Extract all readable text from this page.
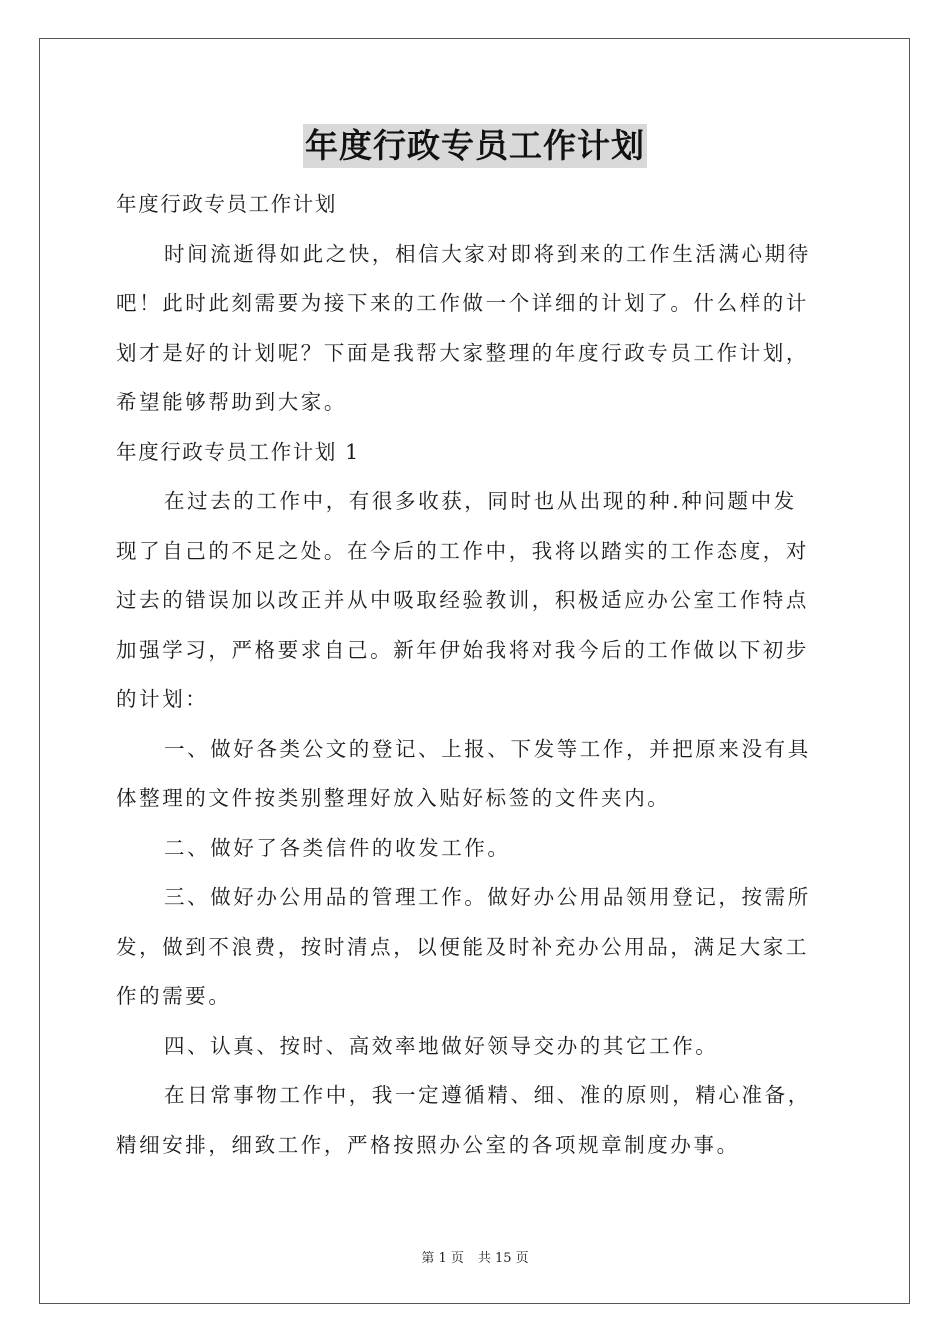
年度行政专员工作计划
年度行政专员工作计划
时间流逝得如此之快，相信大家对即将到来的工作生活满心期待
吧！此时此刻需要为接下来的工作做一个详细的计划了。什么样的计
划才是好的计划呢？下面是我帮大家整理的年度行政专员工作计划，
希望能够帮助到大家。
年度行政专员工作计划 1
在过去的工作中，有很多收获，同时也从出现的种.种问题中发
现了自己的不足之处。在今后的工作中，我将以踏实的工作态度，对
过去的错误加以改正并从中吸取经验教训，积极适应办公室工作特点
加强学习，严格要求自己。新年伊始我将对我今后的工作做以下初步
的计划：
一、做好各类公文的登记、上报、下发等工作，并把原来没有具
体整理的文件按类别整理好放入贴好标签的文件夹内。
二、做好了各类信件的收发工作。
三、做好办公用品的管理工作。做好办公用品领用登记，按需所
发，做到不浪费，按时清点，以便能及时补充办公用品，满足大家工
作的需要。
四、认真、按时、高效率地做好领导交办的其它工作。
在日常事物工作中，我一定遵循精、细、准的原则，精心准备，
精细安排，细致工作，严格按照办公室的各项规章制度办事。
第 1 页 共 15 页
